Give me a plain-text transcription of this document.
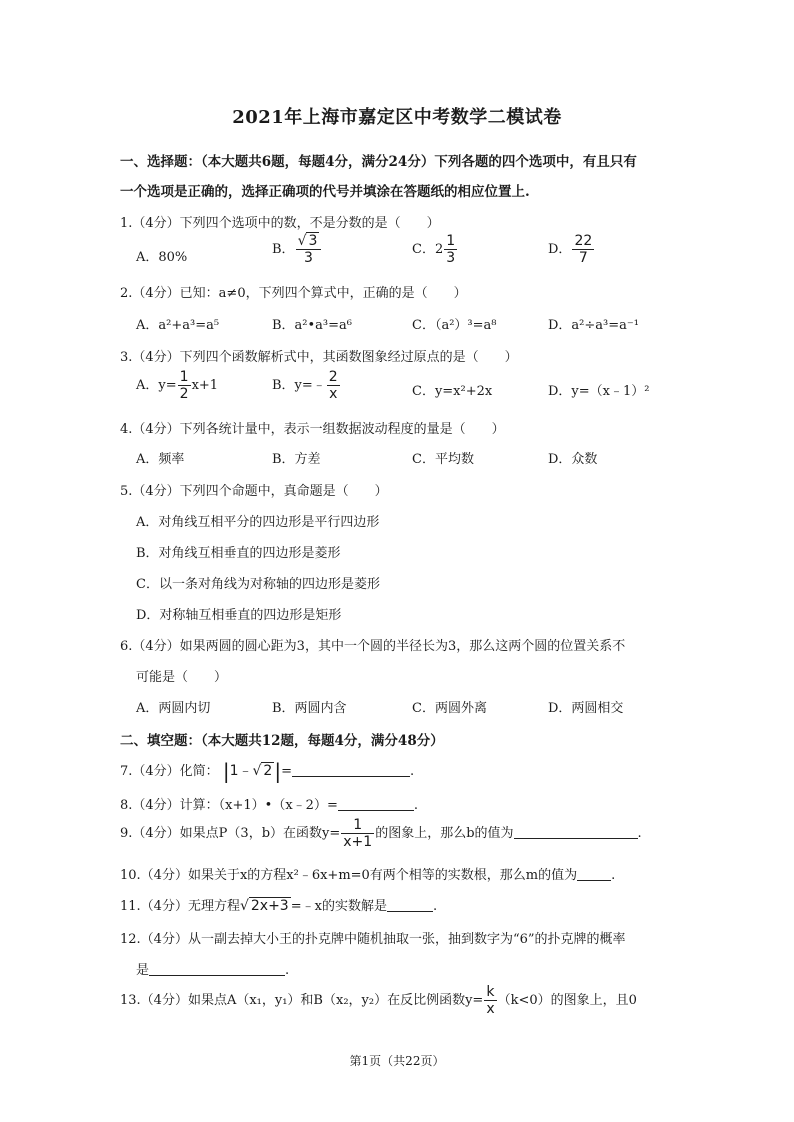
2021年上海市嘉定区中考数学二模试卷
一、选择题：（本大题共6题，每题4分，满分24分）下列各题的四个选项中，有且只有
一个选项是正确的，选择正确项的代号并填涂在答题纸的相应位置上.
1.（4分）下列四个选项中的数，不是分数的是（　　）
A．80%
B． $\frac{√ 3}{3}$	C．$2 \frac{1}{3}$	D． $\frac{22}{7}$
2.（4分）已知：a≠0，下列四个算式中，正确的是（　　）
A．a²+a³=a⁵	B．a²•a³=a⁶	C．（a²）³=a⁸	D．a²÷a³=a⁻¹
3.（4分）下列四个函数解析式中，其函数图象经过原点的是（　　）
A．$y= \frac{1}{2} x+1$	B．y=﹣ $\frac{2}{x}$	C．y=x²+2x	D．y=（x﹣1）²
4.（4分）下列各统计量中，表示一组数据波动程度的量是（　　）
A．频率	B．方差	C．平均数	D．众数
5.（4分）下列四个命题中，真命题是（　　）
A．对角线互相平分的四边形是平行四边形
B．对角线互相垂直的四边形是菱形
C．以一条对角线为对称轴的四边形是菱形
D．对称轴互相垂直的四边形是矩形
6.（4分）如果两圆的圆心距为3，其中一个圆的半径长为3，那么这两个圆的位置关系不
可能是（　　）
A．两圆内切	B．两圆内含	C．两圆外离	D．两圆相交
二、填空题：（本大题共12题，每题4分，满分48分）
7.（4分）化简： |1﹣√ 2 |=	.
8.（4分）计算：（x+1）•（x﹣2）=	.
9.（4分）如果点P（3，b）在函数$y= \frac{1}{x+1}$ 的图象上，那么b的值为	.
10.（4分）如果关于x的方程x²﹣6x+m=0有两个相等的实数根，那么m的值为	.
11.（4分）无理方程√ 2x+3 =﹣x的实数解是	.
12.（4分）从一副去掉大小王的扑克牌中随机抽取一张，抽到数字为“6”的扑克牌的概率
是	.
13.（4分）如果点A（x₁，y₁）和B（x₂，y₂）在反比例函数$y= \frac{k}{x} (k<0)$的图象上，且0
第1页（共22页）
